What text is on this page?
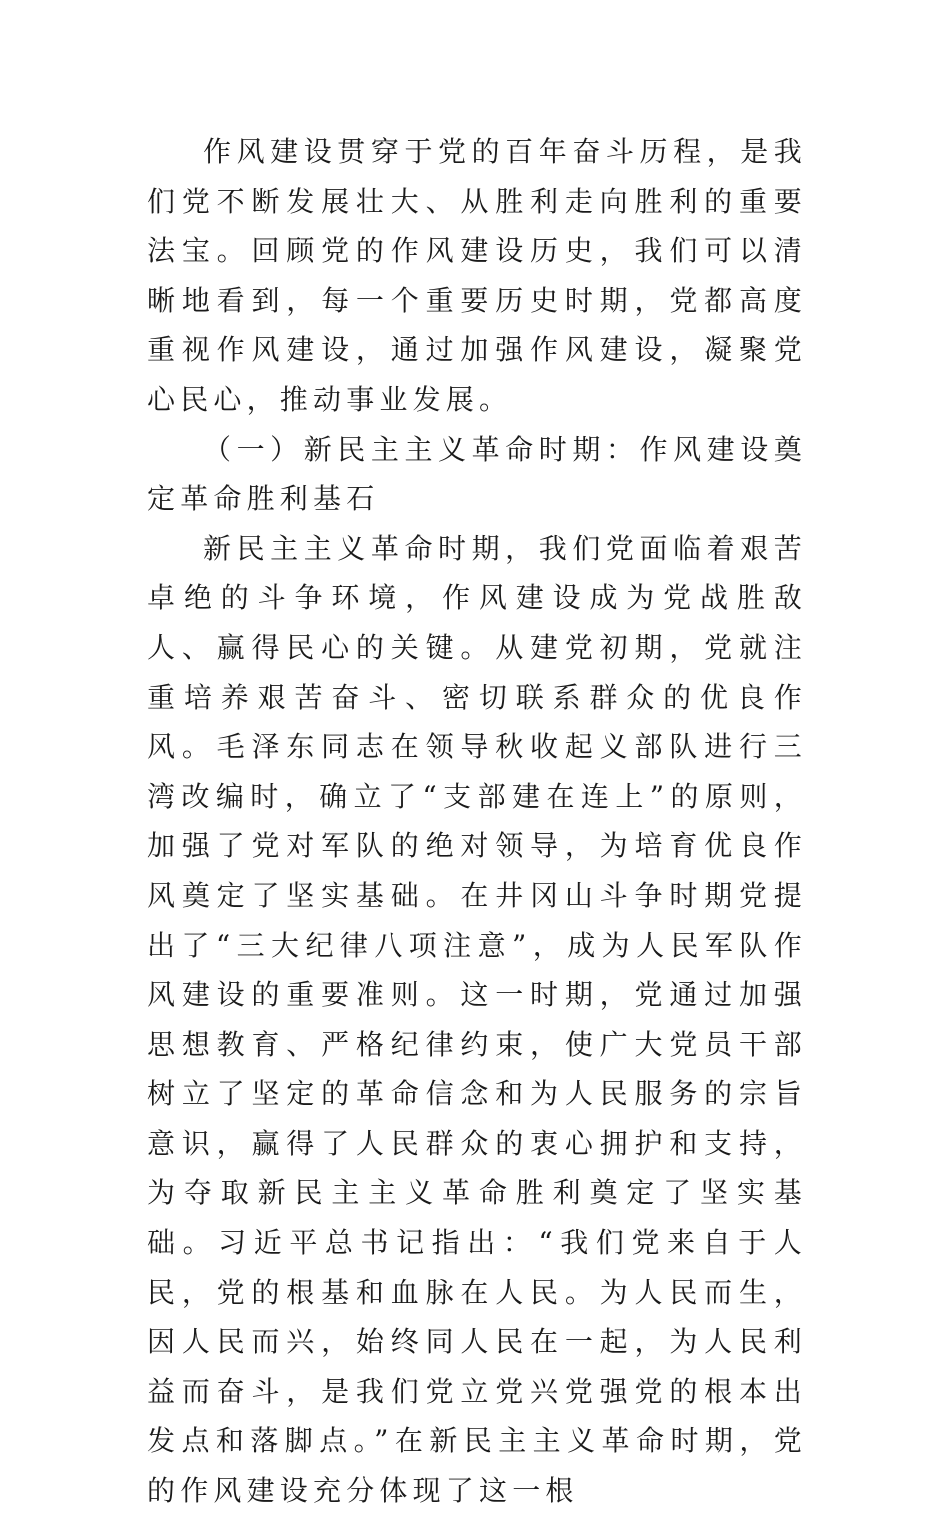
作风建设贯穿于党的百年奋斗历程，是我们党不断发展壮大、从胜利走向胜利的重要法宝。回顾党的作风建设历史，我们可以清晰地看到，每一个重要历史时期，党都高度重视作风建设，通过加强作风建设，凝聚党心民心，推动事业发展。

（一）新民主主义革命时期：作风建设奠定革命胜利基石

新民主主义革命时期，我们党面临着艰苦卓绝的斗争环境，作风建设成为党战胜敌人、赢得民心的关键。从建党初期，党就注重培养艰苦奋斗、密切联系群众的优良作风。毛泽东同志在领导秋收起义部队进行三湾改编时，确立了“支部建在连上”的原则，加强了党对军队的绝对领导，为培育优良作风奠定了坚实基础。在井冈山斗争时期党提出了“三大纪律八项注意”，成为人民军队作风建设的重要准则。这一时期，党通过加强思想教育、严格纪律约束，使广大党员干部树立了坚定的革命信念和为人民服务的宗旨意识，赢得了人民群众的衷心拥护和支持，为夺取新民主主义革命胜利奠定了坚实基础。习近平总书记指出：“我们党来自于人民，党的根基和血脉在人民。为人民而生，因人民而兴，始终同人民在一起，为人民利益而奋斗，是我们党立党兴党强党的根本出发点和落脚点。”在新民主主义革命时期，党的作风建设充分体现了这一根
